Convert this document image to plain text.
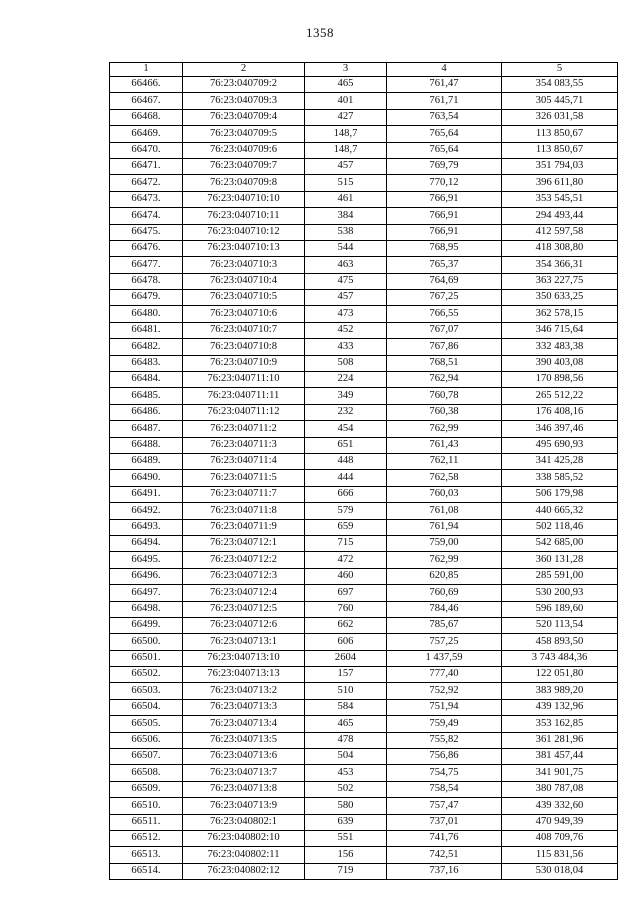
1358
1	2	3	4	5
66466.	76:23:040709:2	465	761,47	354 083,55
66467.	76:23:040709:3	401	761,71	305 445,71
66468.	76:23:040709:4	427	763,54	326 031,58
66469.	76:23:040709:5	148,7	765,64	113 850,67
66470.	76:23:040709:6	148,7	765,64	113 850,67
66471.	76:23:040709:7	457	769,79	351 794,03
66472.	76:23:040709:8	515	770,12	396 611,80
66473.	76:23:040710:10	461	766,91	353 545,51
66474.	76:23:040710:11	384	766,91	294 493,44
66475.	76:23:040710:12	538	766,91	412 597,58
66476.	76:23:040710:13	544	768,95	418 308,80
66477.	76:23:040710:3	463	765,37	354 366,31
66478.	76:23:040710:4	475	764,69	363 227,75
66479.	76:23:040710:5	457	767,25	350 633,25
66480.	76:23:040710:6	473	766,55	362 578,15
66481.	76:23:040710:7	452	767,07	346 715,64
66482.	76:23:040710:8	433	767,86	332 483,38
66483.	76:23:040710:9	508	768,51	390 403,08
66484.	76:23:040711:10	224	762,94	170 898,56
66485.	76:23:040711:11	349	760,78	265 512,22
66486.	76:23:040711:12	232	760,38	176 408,16
66487.	76:23:040711:2	454	762,99	346 397,46
66488.	76:23:040711:3	651	761,43	495 690,93
66489.	76:23:040711:4	448	762,11	341 425,28
66490.	76:23:040711:5	444	762,58	338 585,52
66491.	76:23:040711:7	666	760,03	506 179,98
66492.	76:23:040711:8	579	761,08	440 665,32
66493.	76:23:040711:9	659	761,94	502 118,46
66494.	76:23:040712:1	715	759,00	542 685,00
66495.	76:23:040712:2	472	762,99	360 131,28
66496.	76:23:040712:3	460	620,85	285 591,00
66497.	76:23:040712:4	697	760,69	530 200,93
66498.	76:23:040712:5	760	784,46	596 189,60
66499.	76:23:040712:6	662	785,67	520 113,54
66500.	76:23:040713:1	606	757,25	458 893,50
66501.	76:23:040713:10	2604	1 437,59	3 743 484,36
66502.	76:23:040713:13	157	777,40	122 051,80
66503.	76:23:040713:2	510	752,92	383 989,20
66504.	76:23:040713:3	584	751,94	439 132,96
66505.	76:23:040713:4	465	759,49	353 162,85
66506.	76:23:040713:5	478	755,82	361 281,96
66507.	76:23:040713:6	504	756,86	381 457,44
66508.	76:23:040713:7	453	754,75	341 901,75
66509.	76:23:040713:8	502	758,54	380 787,08
66510.	76:23:040713:9	580	757,47	439 332,60
66511.	76:23:040802:1	639	737,01	470 949,39
66512.	76:23:040802:10	551	741,76	408 709,76
66513.	76:23:040802:11	156	742,51	115 831,56
66514.	76:23:040802:12	719	737,16	530 018,04
